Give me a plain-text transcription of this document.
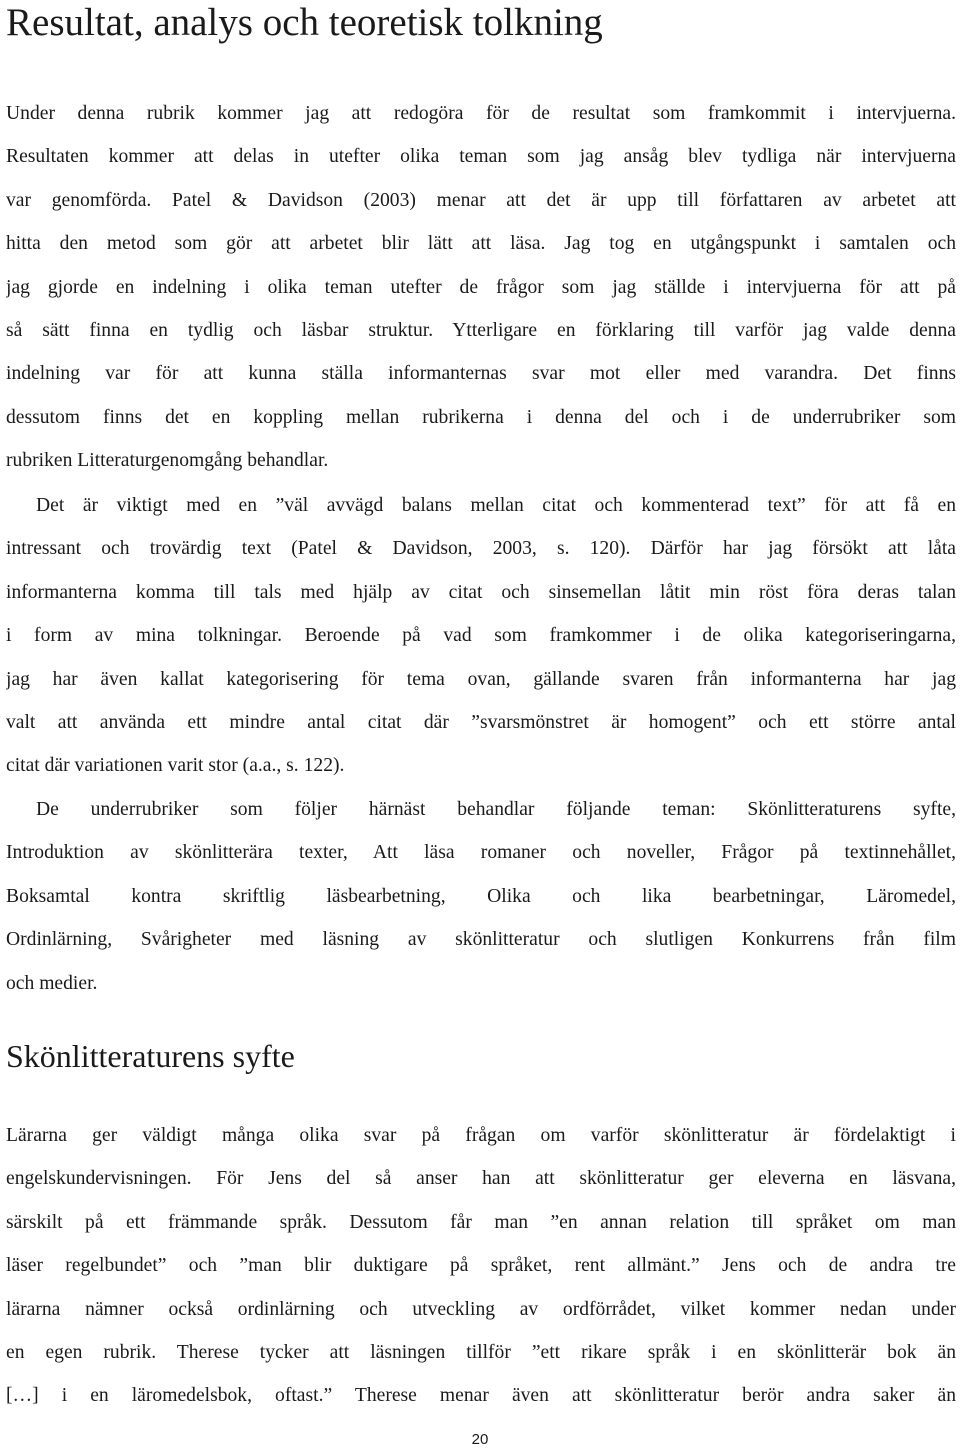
Resultat, analys och teoretisk tolkning
Under denna rubrik kommer jag att redogöra för de resultat som framkommit i intervjuerna.
Resultaten kommer att delas in utefter olika teman som jag ansåg blev tydliga när intervjuerna
var genomförda. Patel & Davidson (2003) menar att det är upp till författaren av arbetet att
hitta den metod som gör att arbetet blir lätt att läsa. Jag tog en utgångspunkt i samtalen och
jag gjorde en indelning i olika teman utefter de frågor som jag ställde i intervjuerna för att på
så sätt finna en tydlig och läsbar struktur. Ytterligare en förklaring till varför jag valde denna
indelning var för att kunna ställa informanternas svar mot eller med varandra. Det finns
dessutom finns det en koppling mellan rubrikerna i denna del och i de underrubriker som
rubriken Litteraturgenomgång behandlar.
Det är viktigt med en ”väl avvägd balans mellan citat och kommenterad text” för att få en
intressant och trovärdig text (Patel & Davidson, 2003, s. 120). Därför har jag försökt att låta
informanterna komma till tals med hjälp av citat och sinsemellan låtit min röst föra deras talan
i form av mina tolkningar. Beroende på vad som framkommer i de olika kategoriseringarna,
jag har även kallat kategorisering för tema ovan, gällande svaren från informanterna har jag
valt att använda ett mindre antal citat där ”svarsmönstret är homogent” och ett större antal
citat där variationen varit stor (a.a., s. 122).
De underrubriker som följer härnäst behandlar följande teman: Skönlitteraturens syfte,
Introduktion av skönlitterära texter, Att läsa romaner och noveller, Frågor på textinnehållet,
Boksamtal kontra skriftlig läsbearbetning, Olika och lika bearbetningar, Läromedel,
Ordinlärning, Svårigheter med läsning av skönlitteratur och slutligen Konkurrens från film
och medier.
Skönlitteraturens syfte
Lärarna ger väldigt många olika svar på frågan om varför skönlitteratur är fördelaktigt i
engelskundervisningen. För Jens del så anser han att skönlitteratur ger eleverna en läsvana,
särskilt på ett främmande språk. Dessutom får man ”en annan relation till språket om man
läser regelbundet” och ”man blir duktigare på språket, rent allmänt.” Jens och de andra tre
lärarna nämner också ordinlärning och utveckling av ordförrådet, vilket kommer nedan under
en egen rubrik. Therese tycker att läsningen tillför ”ett rikare språk i en skönlitterär bok än
[…] i en läromedelsbok, oftast.” Therese menar även att skönlitteratur berör andra saker än
20
